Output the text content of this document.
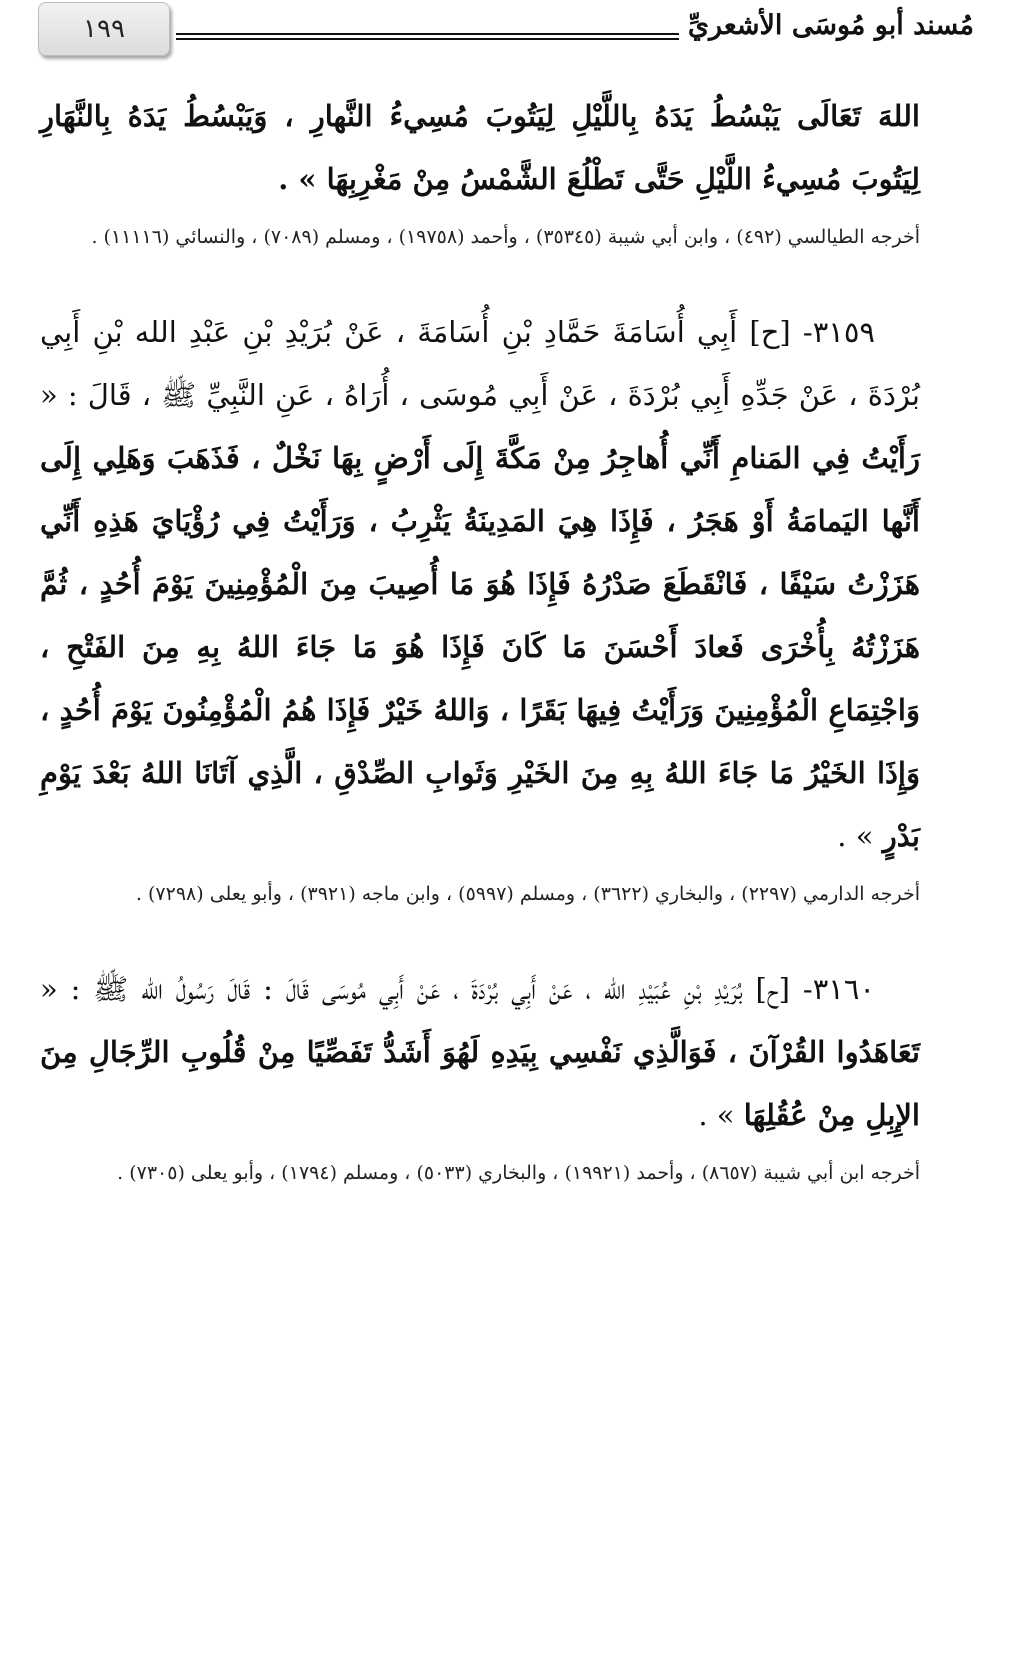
مُسند أبو مُوسَى الأشعريِّ
١٩٩

اللهَ تَعَالَى يَبْسُطُ يَدَهُ بِاللَّيْلِ لِيَتُوبَ مُسِيءُ النَّهارِ ، وَيَبْسُطُ يَدَهُ بِالنَّهَارِ لِيَتُوبَ مُسِيءُ اللَّيْلِ حَتَّى تَطْلُعَ الشَّمْسُ مِنْ مَغْرِبِهَا » .

أخرجه الطيالسي (٤٩٢) ، وابن أبي شيبة (٣٥٣٤٥) ، وأحمد (١٩٧٥٨) ، ومسلم (٧٠٨٩) ، والنسائي (١١١١٦) .

٣١٥٩- [ح] أَبِي أُسَامَةَ حَمَّادِ بْنِ أُسَامَةَ ، عَنْ بُرَيْدِ بْنِ عَبْدِ الله بْنِ أَبِي بُرْدَةَ ، عَنْ جَدِّهِ أَبِي بُرْدَةَ ، عَنْ أَبِي مُوسَى ، أُرَاهُ ، عَنِ النَّبِيِّ ﷺ ، قَالَ : « رَأَيْتُ فِي المَنامِ أَنِّي أُهاجِرُ مِنْ مَكَّةَ إِلَى أَرْضٍ بِهَا نَخْلٌ ، فَذَهَبَ وَهَلِي إِلَى أَنَّها اليَمامَةُ أَوْ هَجَرُ ، فَإِذَا هِيَ المَدِينَةُ يَثْرِبُ ، وَرَأَيْتُ فِي رُؤْيَايَ هَذِهِ أَنِّي هَزَزْتُ سَيْفًا ، فَانْقَطَعَ صَدْرُهُ فَإِذَا هُوَ مَا أُصِيبَ مِنَ الْمُؤْمِنِينَ يَوْمَ أُحُدٍ ، ثُمَّ هَزَزْتُهُ بِأُخْرَى فَعادَ أَحْسَنَ مَا كَانَ فَإِذَا هُوَ مَا جَاءَ اللهُ بِهِ مِنَ الفَتْحِ ، وَاجْتِمَاعِ الْمُؤْمِنِينَ وَرَأَيْتُ فِيهَا بَقَرًا ، وَاللهُ خَيْرٌ فَإِذَا هُمُ الْمُؤْمِنُونَ يَوْمَ أُحُدٍ ، وَإِذَا الخَيْرُ مَا جَاءَ اللهُ بِهِ مِنَ الخَيْرِ وَثَوابِ الصِّدْقِ ، الَّذِي آتَانَا اللهُ بَعْدَ يَوْمِ بَدْرٍ » .

أخرجه الدارمي (٢٢٩٧) ، والبخاري (٣٦٢٢) ، ومسلم (٥٩٩٧) ، وابن ماجه (٣٩٢١) ، وأبو يعلى (٧٢٩٨) .

٣١٦٠- [ح] بُرَيْدِ بْنِ عُبَيْدِ الله ، عَنْ أَبِي بُرْدَةَ ، عَنْ أَبِي مُوسَى قَالَ : قَالَ رَسُولُ الله ﷺ : « تَعَاهَدُوا القُرْآنَ ، فَوَالَّذِي نَفْسِي بِيَدِهِ لَهُوَ أَشَدُّ تَفَصِّيًا مِنْ قُلُوبِ الرِّجَالِ مِنَ الإِبِلِ مِنْ عُقُلِهَا » .

أخرجه ابن أبي شيبة (٨٦٥٧) ، وأحمد (١٩٩٢١) ، والبخاري (٥٠٣٣) ، ومسلم (١٧٩٤) ، وأبو يعلى (٧٣٠٥) .
